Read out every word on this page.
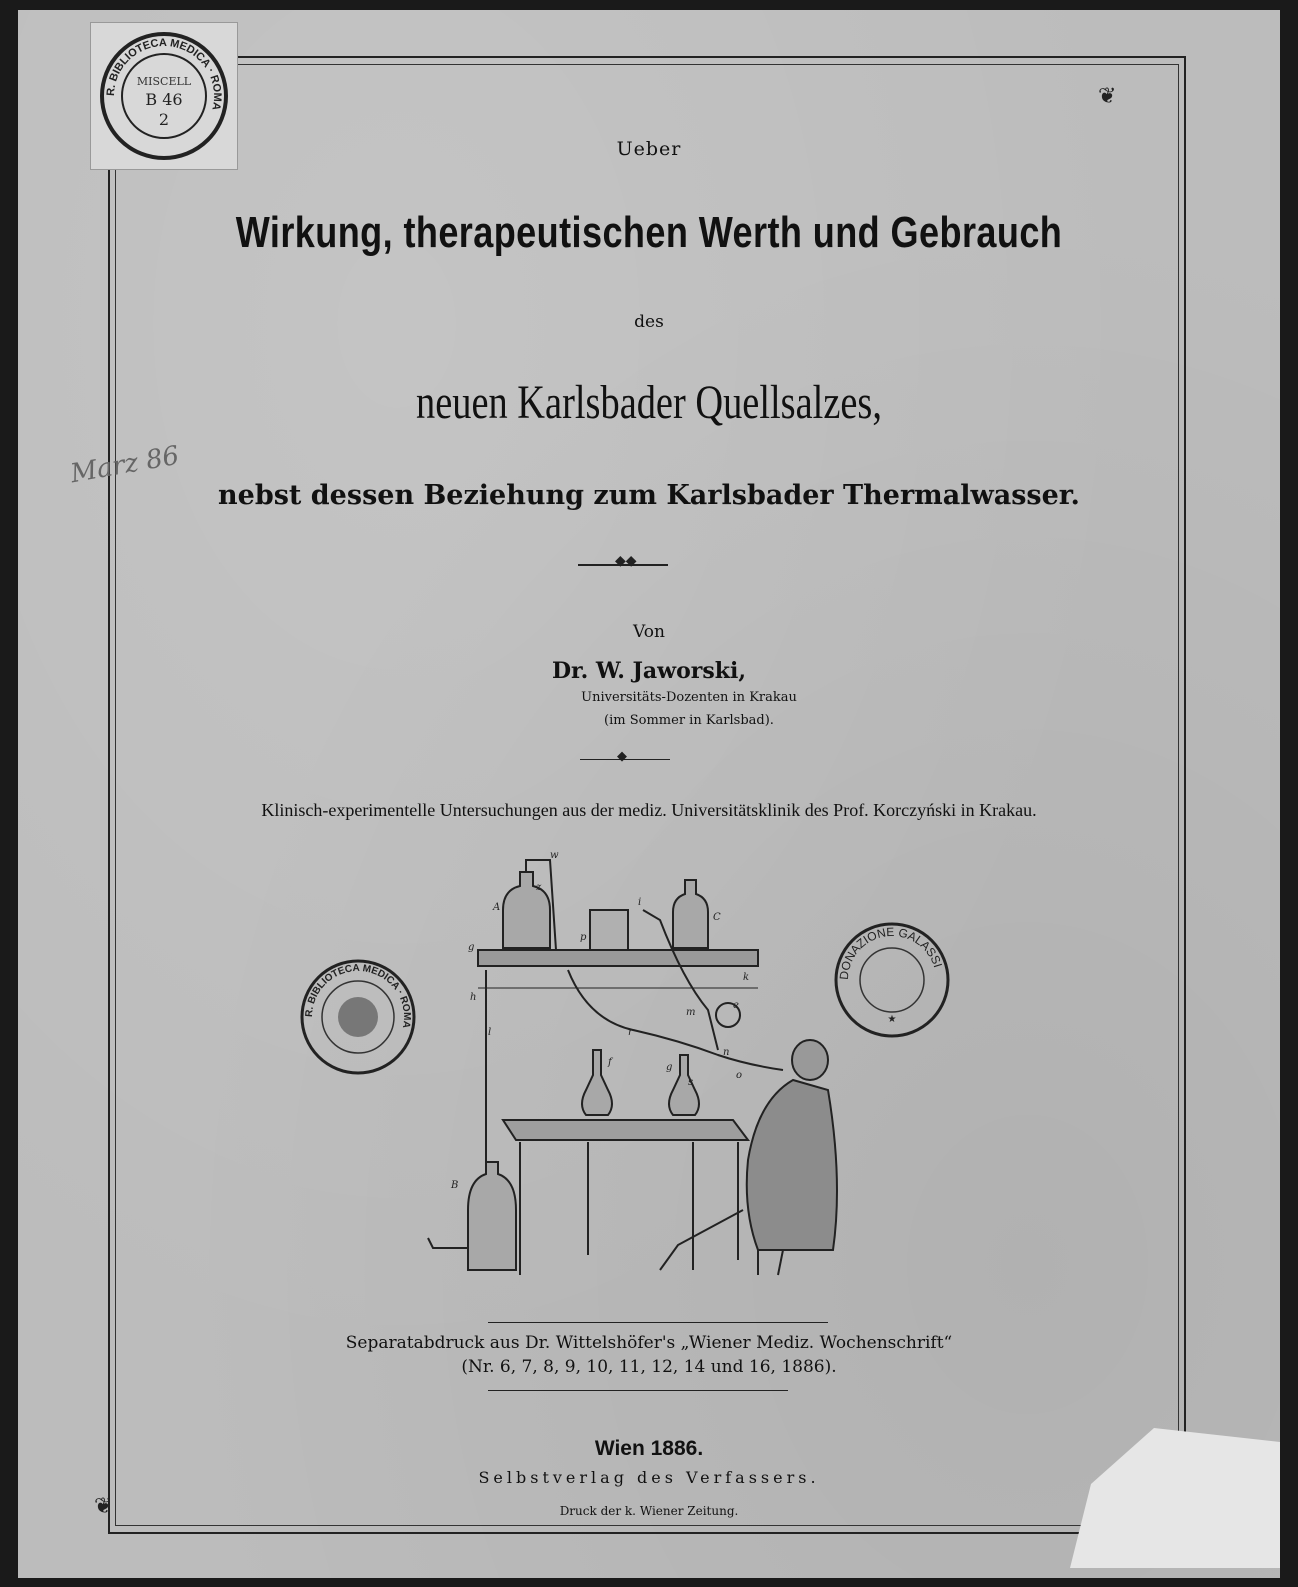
❦
❦
R. BIBLIOTECA MEDICA · ROMA
MISCELL
B 46
2
Marz 86
Ueber
Wirkung, therapeutischen Werth und Gebrauch
des
neuen Karlsbader Quellsalzes,
nebst dessen Beziehung zum Karlsbader Thermalwasser.
◆◆
Von
Dr. W. Jaworski,
Universitäts-Dozenten in Krakau
(im Sommer in Karlsbad).
◆
Klinisch-experimentelle Untersuchungen aus der mediz. Universitätsklinik des Prof. Korczyński in Krakau.
w
z
A
p
i
C
g
h
k
m
e
r
n
f	g
s
o
B
l
R. BIBLIOTECA MEDICA · ROMA
DONAZIONE GALASSI
★
Separatabdruck aus Dr. Wittelshöfer's „Wiener Mediz. Wochenschrift“
(Nr. 6, 7, 8, 9, 10, 11, 12, 14 und 16, 1886).
Wien 1886.
Selbstverlag des Verfassers.
Druck der k. Wiener Zeitung.
